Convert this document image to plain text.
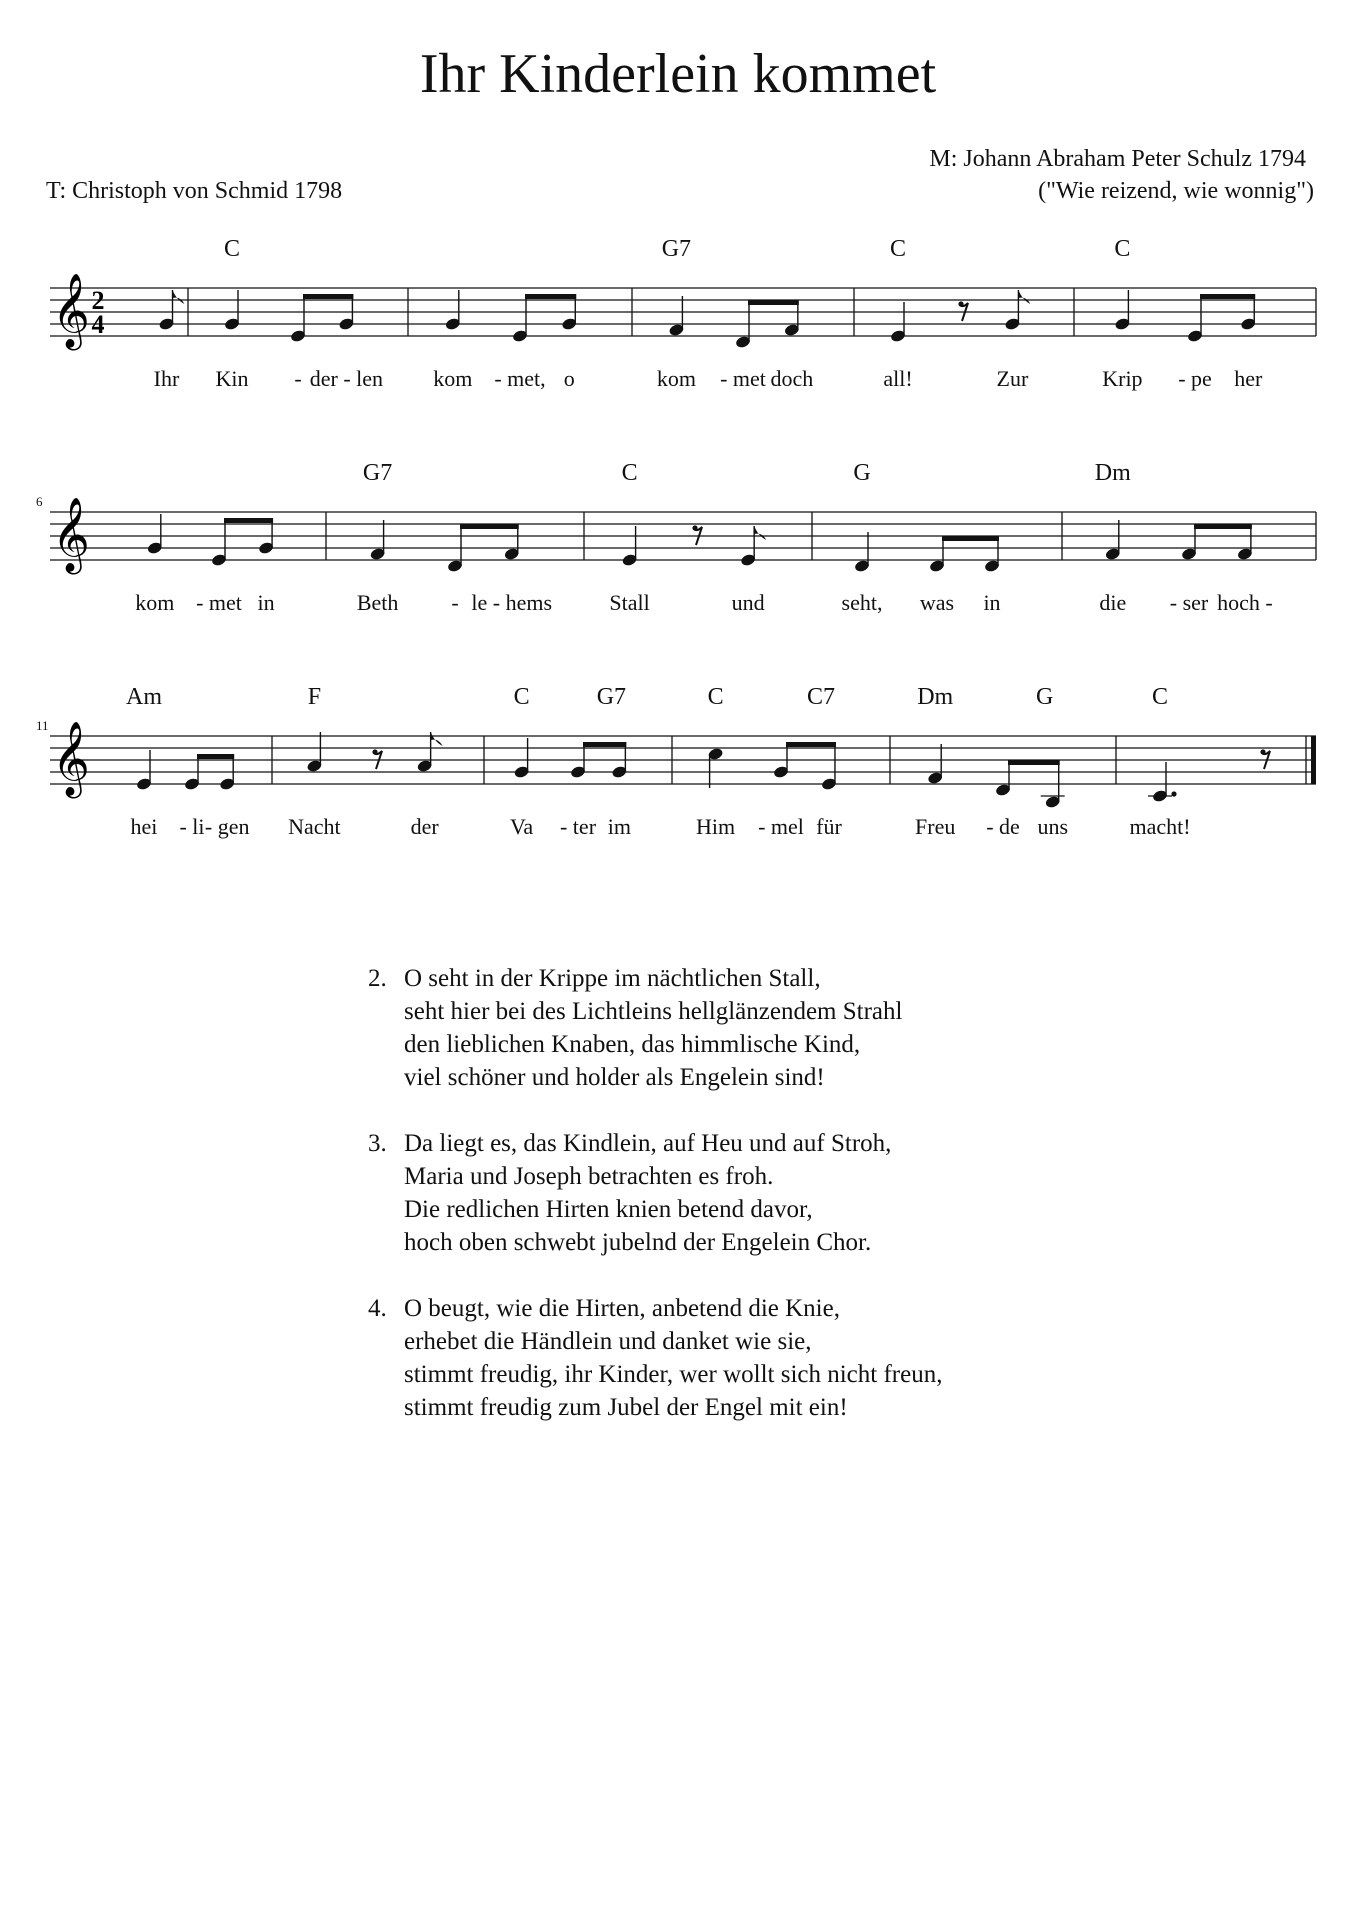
Ihr Kinderlein kommet
M: Johann Abraham Peter Schulz 1794
T: Christoph von Schmid 1798	("Wie reizend, wie wonnig")
𝄞 2
4
Ihr
C
Kin - der - len kom - met, o
G7
kom - met doch
C
all!	Zur
C
Krip - pe her
𝄞
6
kom - met in
G7
Beth - le - hems
C
Stall	und
G
seht, was in
Dm
die - ser hoch -
𝄞
11
Am
hei - li - gen
F
Nacht	der
C	G7
Va - ter im
C	C7
Him - mel für
Dm	G
Freu - de uns
C
macht!
2. O seht in der Krippe im nächtlichen Stall,
seht hier bei des Lichtleins hellglänzendem Strahl
den lieblichen Knaben, das himmlische Kind,
viel schöner und holder als Engelein sind!
3. Da liegt es, das Kindlein, auf Heu und auf Stroh,
Maria und Joseph betrachten es froh.
Die redlichen Hirten knien betend davor,
hoch oben schwebt jubelnd der Engelein Chor.
4. O beugt, wie die Hirten, anbetend die Knie,
erhebet die Händlein und danket wie sie,
stimmt freudig, ihr Kinder, wer wollt sich nicht freun,
stimmt freudig zum Jubel der Engel mit ein!
